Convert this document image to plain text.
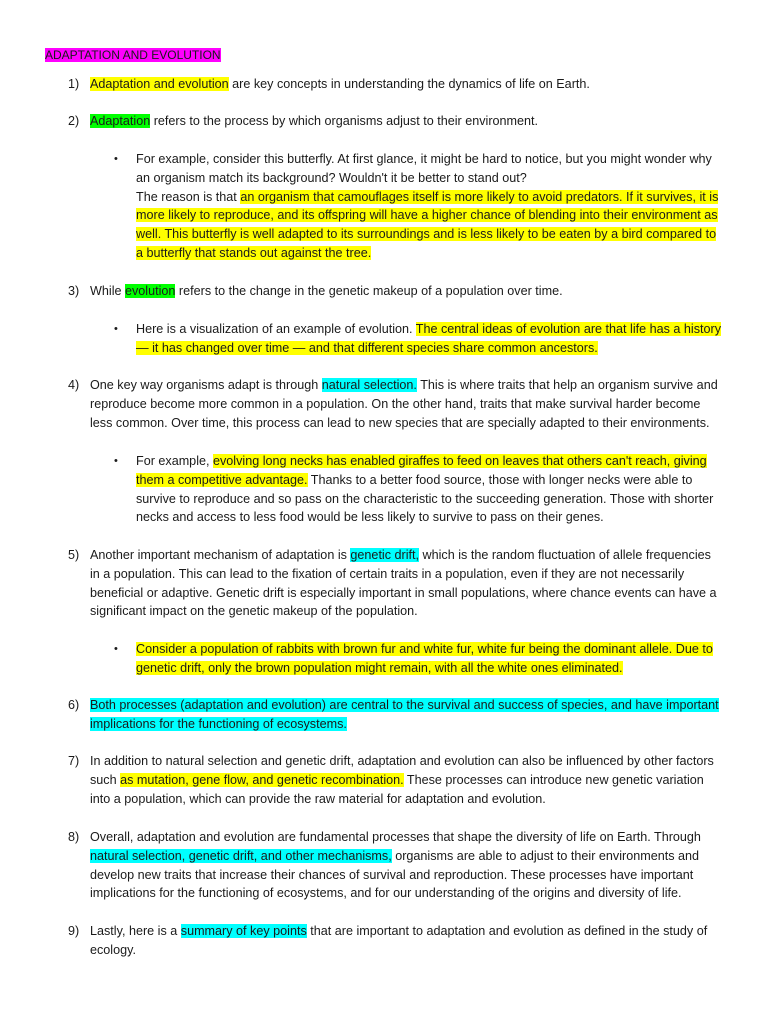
ADAPTATION AND EVOLUTION
1) Adaptation and evolution are key concepts in understanding the dynamics of life on Earth.
2) Adaptation refers to the process by which organisms adjust to their environment.
• For example, consider this butterfly. At first glance, it might be hard to notice, but you might wonder why an organism match its background? Wouldn't it be better to stand out?
The reason is that an organism that camouflages itself is more likely to avoid predators. If it survives, it is more likely to reproduce, and its offspring will have a higher chance of blending into their environment as well. This butterfly is well adapted to its surroundings and is less likely to be eaten by a bird compared to a butterfly that stands out against the tree.
3) While evolution refers to the change in the genetic makeup of a population over time.
• Here is a visualization of an example of evolution. The central ideas of evolution are that life has a history — it has changed over time — and that different species share common ancestors.
4) One key way organisms adapt is through natural selection. This is where traits that help an organism survive and reproduce become more common in a population. On the other hand, traits that make survival harder become less common. Over time, this process can lead to new species that are specially adapted to their environments.
• For example, evolving long necks has enabled giraffes to feed on leaves that others can't reach, giving them a competitive advantage. Thanks to a better food source, those with longer necks were able to survive to reproduce and so pass on the characteristic to the succeeding generation. Those with shorter necks and access to less food would be less likely to survive to pass on their genes.
5) Another important mechanism of adaptation is genetic drift, which is the random fluctuation of allele frequencies in a population. This can lead to the fixation of certain traits in a population, even if they are not necessarily beneficial or adaptive. Genetic drift is especially important in small populations, where chance events can have a significant impact on the genetic makeup of the population.
• Consider a population of rabbits with brown fur and white fur, white fur being the dominant allele. Due to genetic drift, only the brown population might remain, with all the white ones eliminated.
6) Both processes (adaptation and evolution) are central to the survival and success of species, and have important implications for the functioning of ecosystems.
7) In addition to natural selection and genetic drift, adaptation and evolution can also be influenced by other factors such as mutation, gene flow, and genetic recombination. These processes can introduce new genetic variation into a population, which can provide the raw material for adaptation and evolution.
8) Overall, adaptation and evolution are fundamental processes that shape the diversity of life on Earth. Through natural selection, genetic drift, and other mechanisms, organisms are able to adjust to their environments and develop new traits that increase their chances of survival and reproduction. These processes have important implications for the functioning of ecosystems, and for our understanding of the origins and diversity of life.
9) Lastly, here is a summary of key points that are important to adaptation and evolution as defined in the study of ecology.
